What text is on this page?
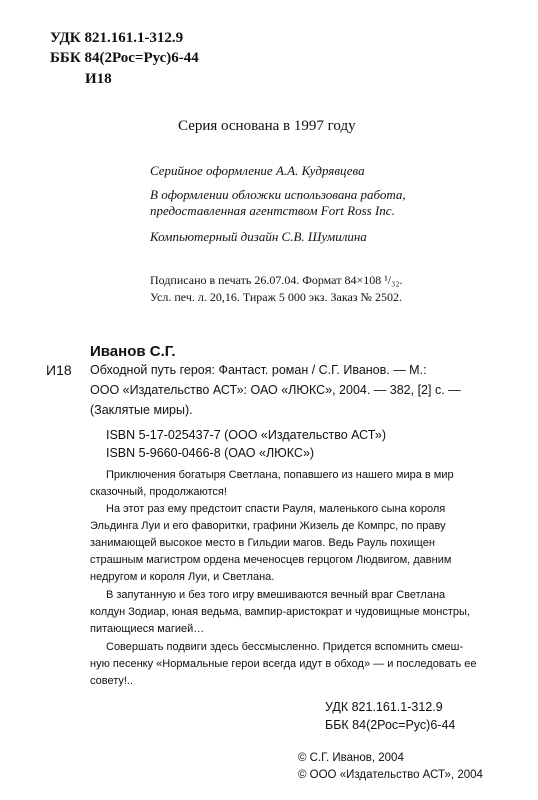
УДК 821.161.1-312.9
ББК 84(2Рос=Рус)6-44
И18
Серия основана в 1997 году
Серийное оформление А.А. Кудрявцева
В оформлении обложки использована работа,
предоставленная агентством Fort Ross Inc.
Компьютерный дизайн С.В. Шумилина
Подписано в печать 26.07.04. Формат 84×108 ¹/₃₂.
Усл. печ. л. 20,16. Тираж 5 000 экз. Заказ № 2502.
Иванов С.Г.
И18 Обходной путь героя: Фантаст. роман / С.Г. Иванов. — М.:
ООО «Издательство АСТ»: ОАО «ЛЮКС», 2004. — 382, [2] с. —
(Заклятые миры).
ISBN 5-17-025437-7 (ООО «Издательство АСТ»)
ISBN 5-9660-0466-8 (ОАО «ЛЮКС»)
Приключения богатыря Светлана, попавшего из нашего мира в мир
сказочный, продолжаются!
На этот раз ему предстоит спасти Рауля, маленького сына короля
Эльдинга Луи и его фаворитки, графини Жизель де Компрс, по праву
занимающей высокое место в Гильдии магов. Ведь Рауль похищен
страшным магистром ордена меченосцев герцогом Людвигом, давним
недругом и короля Луи, и Светлана.
В запутанную и без того игру вмешиваются вечный враг Светлана
колдун Зодиар, юная ведьма, вампир-аристократ и чудовищные монстры,
питающиеся магией…
Совершать подвиги здесь бессмысленно. Придется вспомнить смеш-
ную песенку «Нормальные герои всегда идут в обход» — и последовать ее
совету!..
УДК 821.161.1-312.9
ББК 84(2Рос=Рус)6-44
© С.Г. Иванов, 2004
© ООО «Издательство АСТ», 2004
